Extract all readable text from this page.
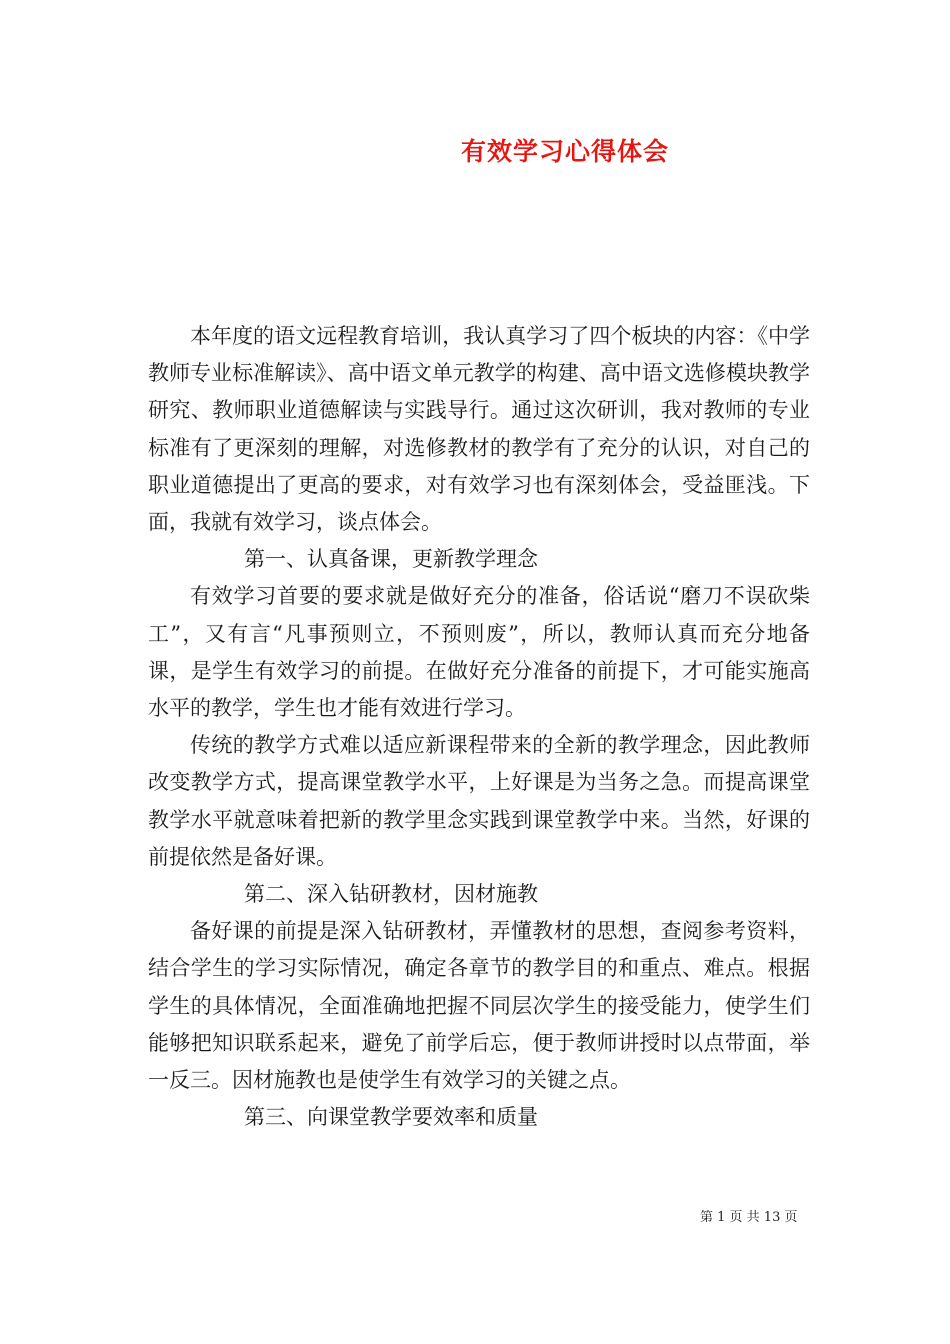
有效学习心得体会

本年度的语文远程教育培训，我认真学习了四个板块的内容：《中学教师专业标准解读》、高中语文单元教学的构建、高中语文选修模块教学研究、教师职业道德解读与实践导行。通过这次研训，我对教师的专业标准有了更深刻的理解，对选修教材的教学有了充分的认识，对自己的职业道德提出了更高的要求，对有效学习也有深刻体会，受益匪浅。下面，我就有效学习，谈点体会。

第一、认真备课，更新教学理念

有效学习首要的要求就是做好充分的准备，俗话说“磨刀不误砍柴工”，又有言“凡事预则立，不预则废”，所以，教师认真而充分地备课，是学生有效学习的前提。在做好充分准备的前提下，才可能实施高水平的教学，学生也才能有效进行学习。

传统的教学方式难以适应新课程带来的全新的教学理念，因此教师改变教学方式，提高课堂教学水平，上好课是为当务之急。而提高课堂教学水平就意味着把新的教学里念实践到课堂教学中来。当然，好课的前提依然是备好课。

第二、深入钻研教材，因材施教

备好课的前提是深入钻研教材，弄懂教材的思想，查阅参考资料，结合学生的学习实际情况，确定各章节的教学目的和重点、难点。根据学生的具体情况，全面准确地把握不同层次学生的接受能力，使学生们能够把知识联系起来，避免了前学后忘，便于教师讲授时以点带面，举一反三。因材施教也是使学生有效学习的关键之点。

第三、向课堂教学要效率和质量

第 1 页 共 13 页
